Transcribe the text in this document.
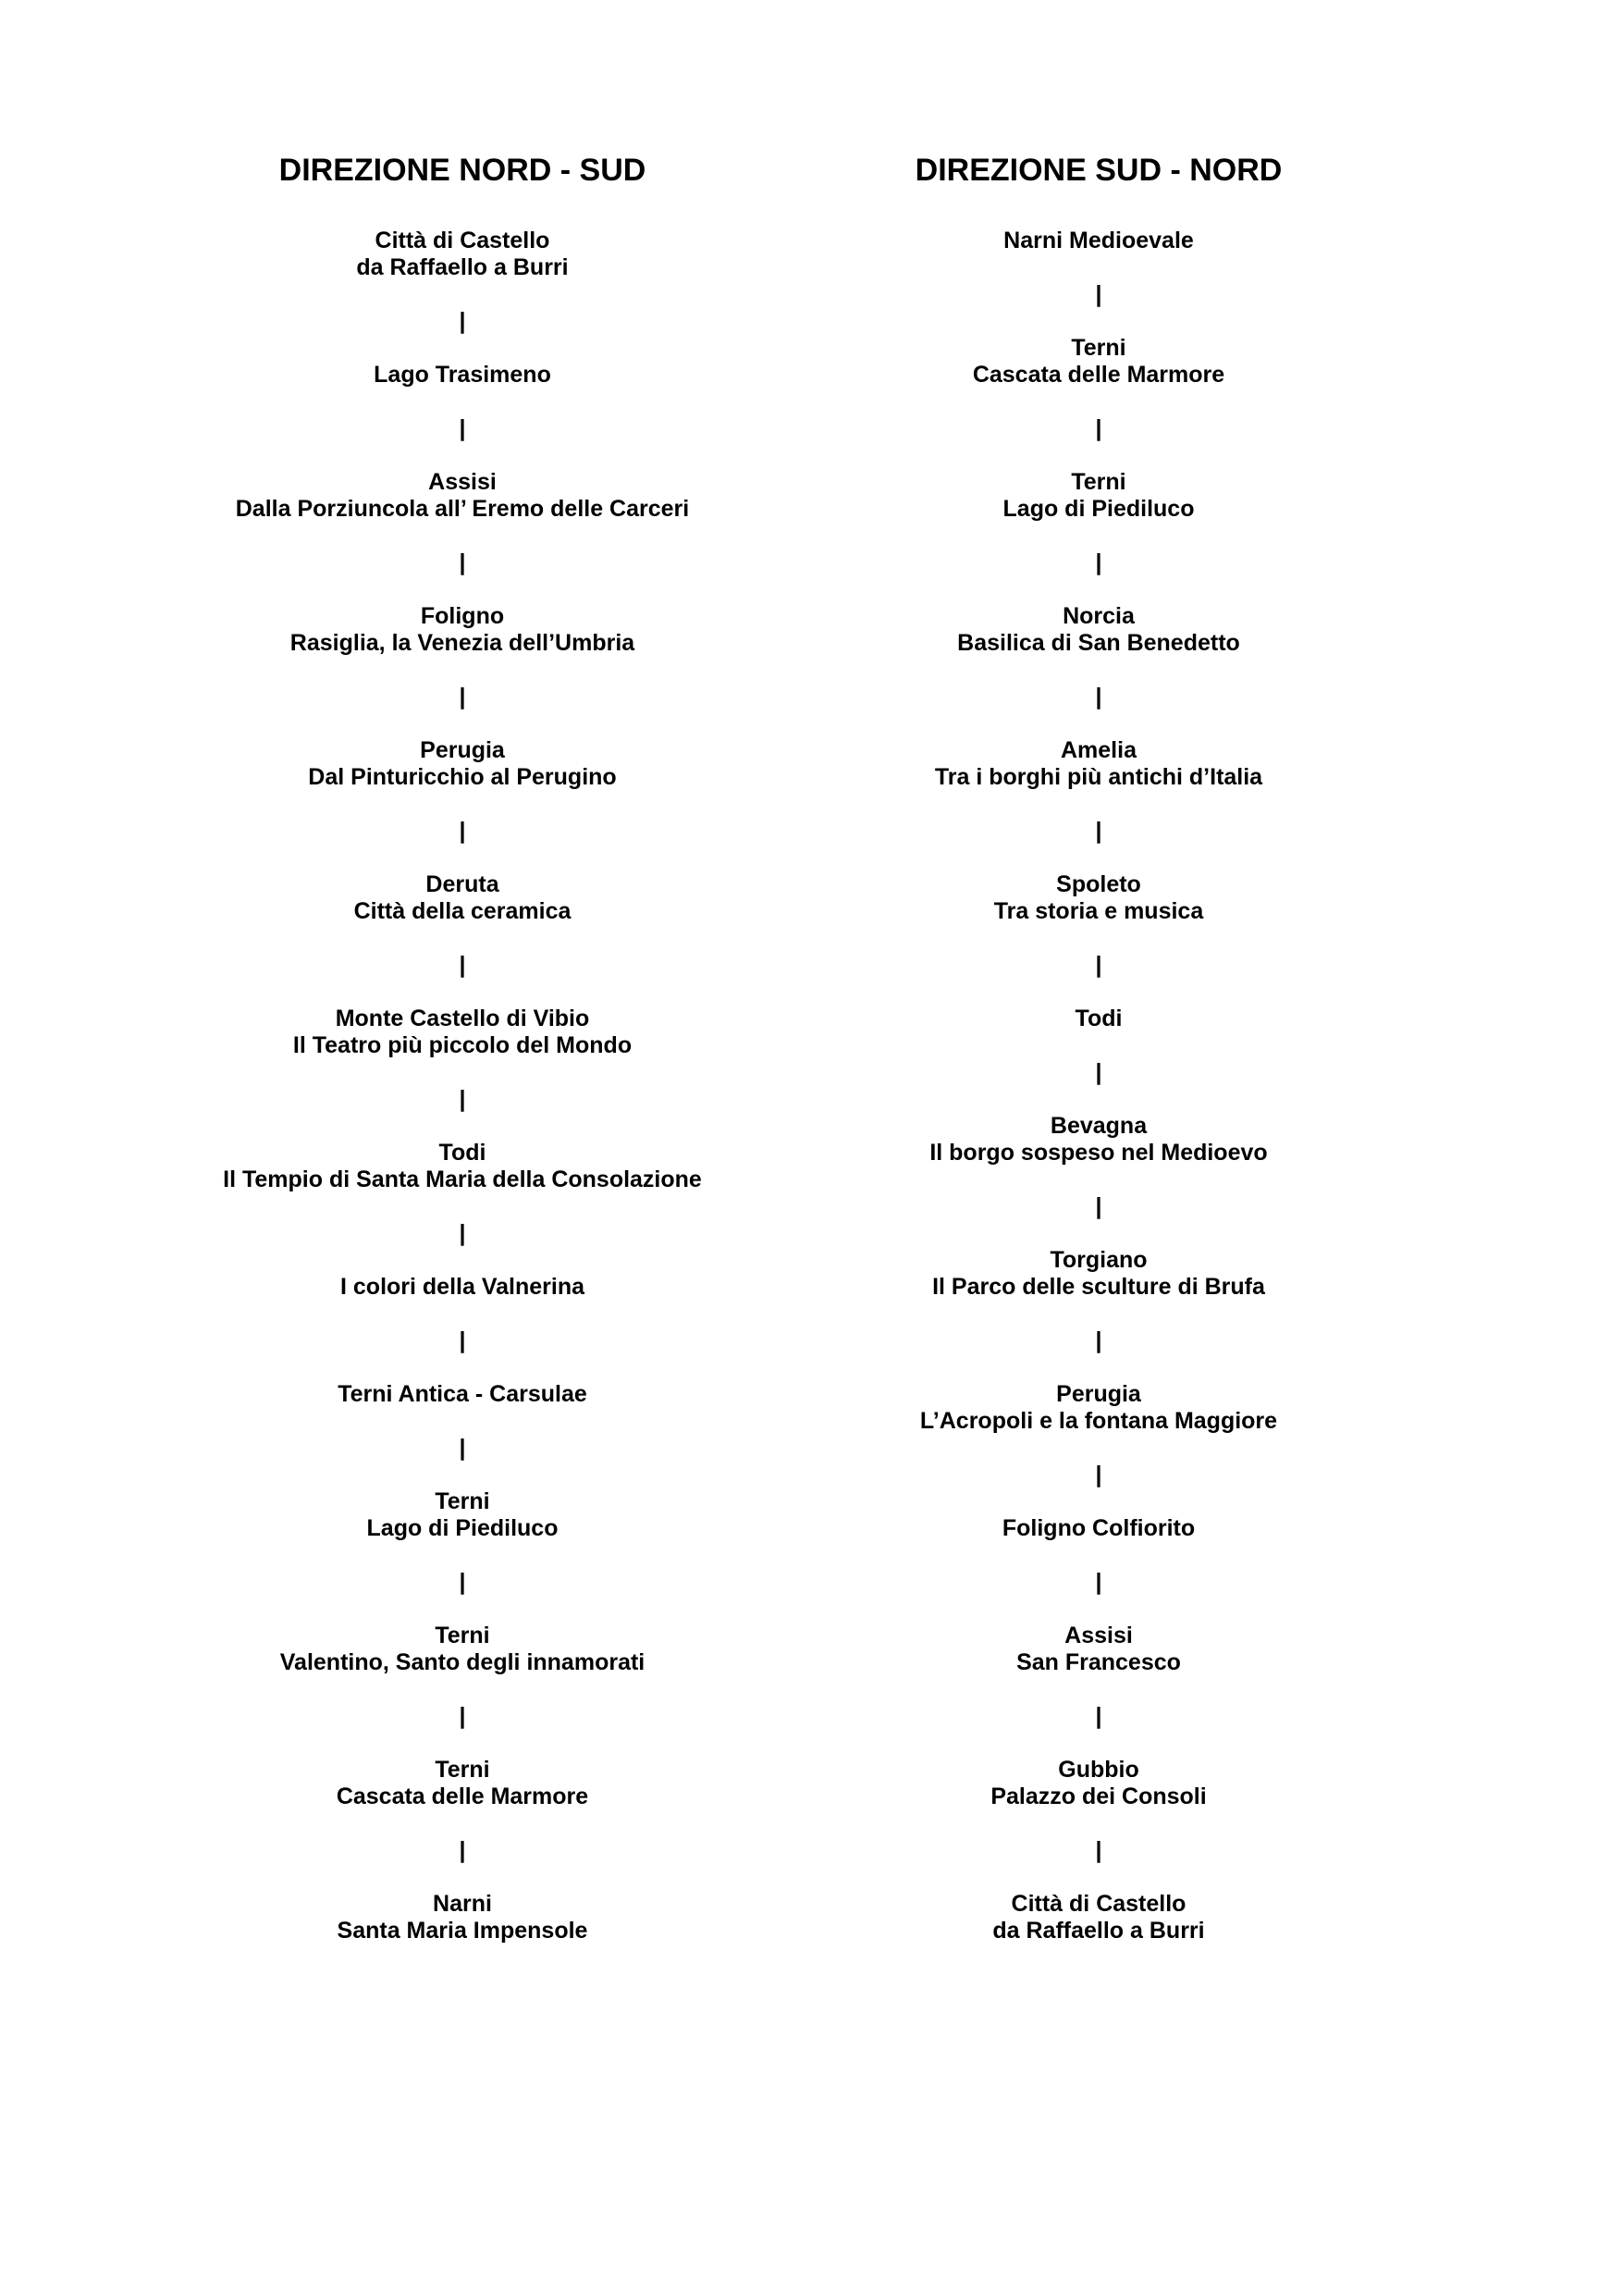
DIREZIONE NORD - SUD
Città di Castello
da Raffaello a Burri
|
Lago Trasimeno
|
Assisi
Dalla Porziuncola all’ Eremo delle Carceri
|
Foligno
Rasiglia, la Venezia dell’Umbria
|
Perugia
Dal Pinturicchio al Perugino
|
Deruta
Città della ceramica
|
Monte Castello di Vibio
Il Teatro più piccolo del Mondo
|
Todi
Il Tempio di Santa Maria della Consolazione
|
I colori della Valnerina
|
Terni Antica - Carsulae
|
Terni
Lago di Piediluco
|
Terni
Valentino, Santo degli innamorati
|
Terni
Cascata delle Marmore
|
Narni
Santa Maria Impensole
DIREZIONE SUD - NORD
Narni Medioevale
|
Terni
Cascata delle Marmore
|
Terni
Lago di Piediluco
|
Norcia
Basilica di San Benedetto
|
Amelia
Tra i borghi più antichi d’Italia
|
Spoleto
Tra storia e musica
|
Todi
|
Bevagna
Il borgo sospeso nel Medioevo
|
Torgiano
Il Parco delle sculture di Brufa
|
Perugia
L’Acropoli e la fontana Maggiore
|
Foligno Colfiorito
|
Assisi
San Francesco
|
Gubbio
Palazzo dei Consoli
|
Città di Castello
da Raffaello a Burri
